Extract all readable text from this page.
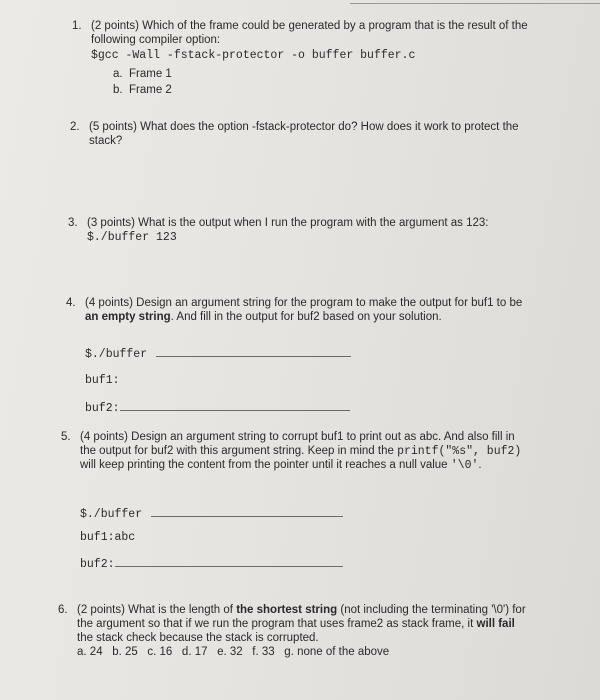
1. (2 points) Which of the frame could be generated by a program that is the result of the
following compiler option:
$gcc -Wall -fstack-protector -o buffer buffer.c
a. Frame 1
b. Frame 2
2. (5 points) What does the option -fstack-protector do? How does it work to protect the
stack?
3. (3 points) What is the output when I run the program with the argument as 123:
$./buffer 123
4. (4 points) Design an argument string for the program to make the output for buf1 to be
an empty string. And fill in the output for buf2 based on your solution.
$./buffer
buf1:
buf2:
5. (4 points) Design an argument string to corrupt buf1 to print out as abc. And also fill in
the output for buf2 with this argument string. Keep in mind the printf("%s", buf2)
will keep printing the content from the pointer until it reaches a null value '\0'.
$./buffer
buf1:abc
buf2:
6. (2 points) What is the length of the shortest string (not including the terminating '\0') for
the argument so that if we run the program that uses frame2 as stack frame, it will fail
the stack check because the stack is corrupted.
a. 24 b. 25 c. 16 d. 17 e. 32 f. 33 g. none of the above
